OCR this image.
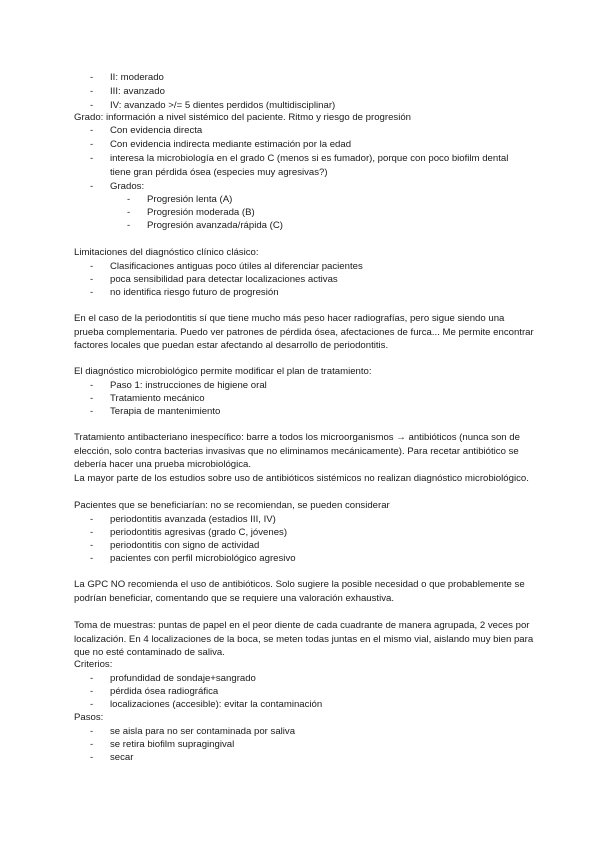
- II: moderado
- III: avanzado
- IV: avanzado >/= 5 dientes perdidos (multidisciplinar)
Grado: información a nivel sistémico del paciente. Ritmo y riesgo de progresión
- Con evidencia directa
- Con evidencia indirecta mediante estimación por la edad
- interesa la microbiología en el grado C (menos si es fumador), porque con poco biofilm dental tiene gran pérdida ósea (especies muy agresivas?)
- Grados:
- Progresión lenta (A)
- Progresión moderada (B)
- Progresión avanzada/rápida (C)
Limitaciones del diagnóstico clínico clásico:
- Clasificaciones antiguas poco útiles al diferenciar pacientes
- poca sensibilidad para detectar localizaciones activas
- no identifica riesgo futuro de progresión
En el caso de la periodontitis sí que tiene mucho más peso hacer radiografías, pero sigue siendo una prueba complementaria. Puedo ver patrones de pérdida ósea, afectaciones de furca... Me permite encontrar factores locales que puedan estar afectando al desarrollo de periodontitis.
El diagnóstico microbiológico permite modificar el plan de tratamiento:
- Paso 1: instrucciones de higiene oral
- Tratamiento mecánico
- Terapia de mantenimiento
Tratamiento antibacteriano inespecífico: barre a todos los microorganismos → antibióticos (nunca son de elección, solo contra bacterias invasivas que no eliminamos mecánicamente). Para recetar antibiótico se debería hacer una prueba microbiológica.
La mayor parte de los estudios sobre uso de antibióticos sistémicos no realizan diagnóstico microbiológico.
Pacientes que se beneficiarían: no se recomiendan, se pueden considerar
- periodontitis avanzada (estadios III, IV)
- periodontitis agresivas (grado C, jóvenes)
- periodontitis con signo de actividad
- pacientes con perfil microbiológico agresivo
La GPC NO recomienda el uso de antibióticos. Solo sugiere la posible necesidad o que probablemente se podrían beneficiar, comentando que se requiere una valoración exhaustiva.
Toma de muestras: puntas de papel en el peor diente de cada cuadrante de manera agrupada, 2 veces por localización. En 4 localizaciones de la boca, se meten todas juntas en el mismo vial, aislando muy bien para que no esté contaminado de saliva.
Criterios:
- profundidad de sondaje+sangrado
- pérdida ósea radiográfica
- localizaciones (accesible): evitar la contaminación
Pasos:
- se aisla para no ser contaminada por saliva
- se retira biofilm supragingival
- secar
